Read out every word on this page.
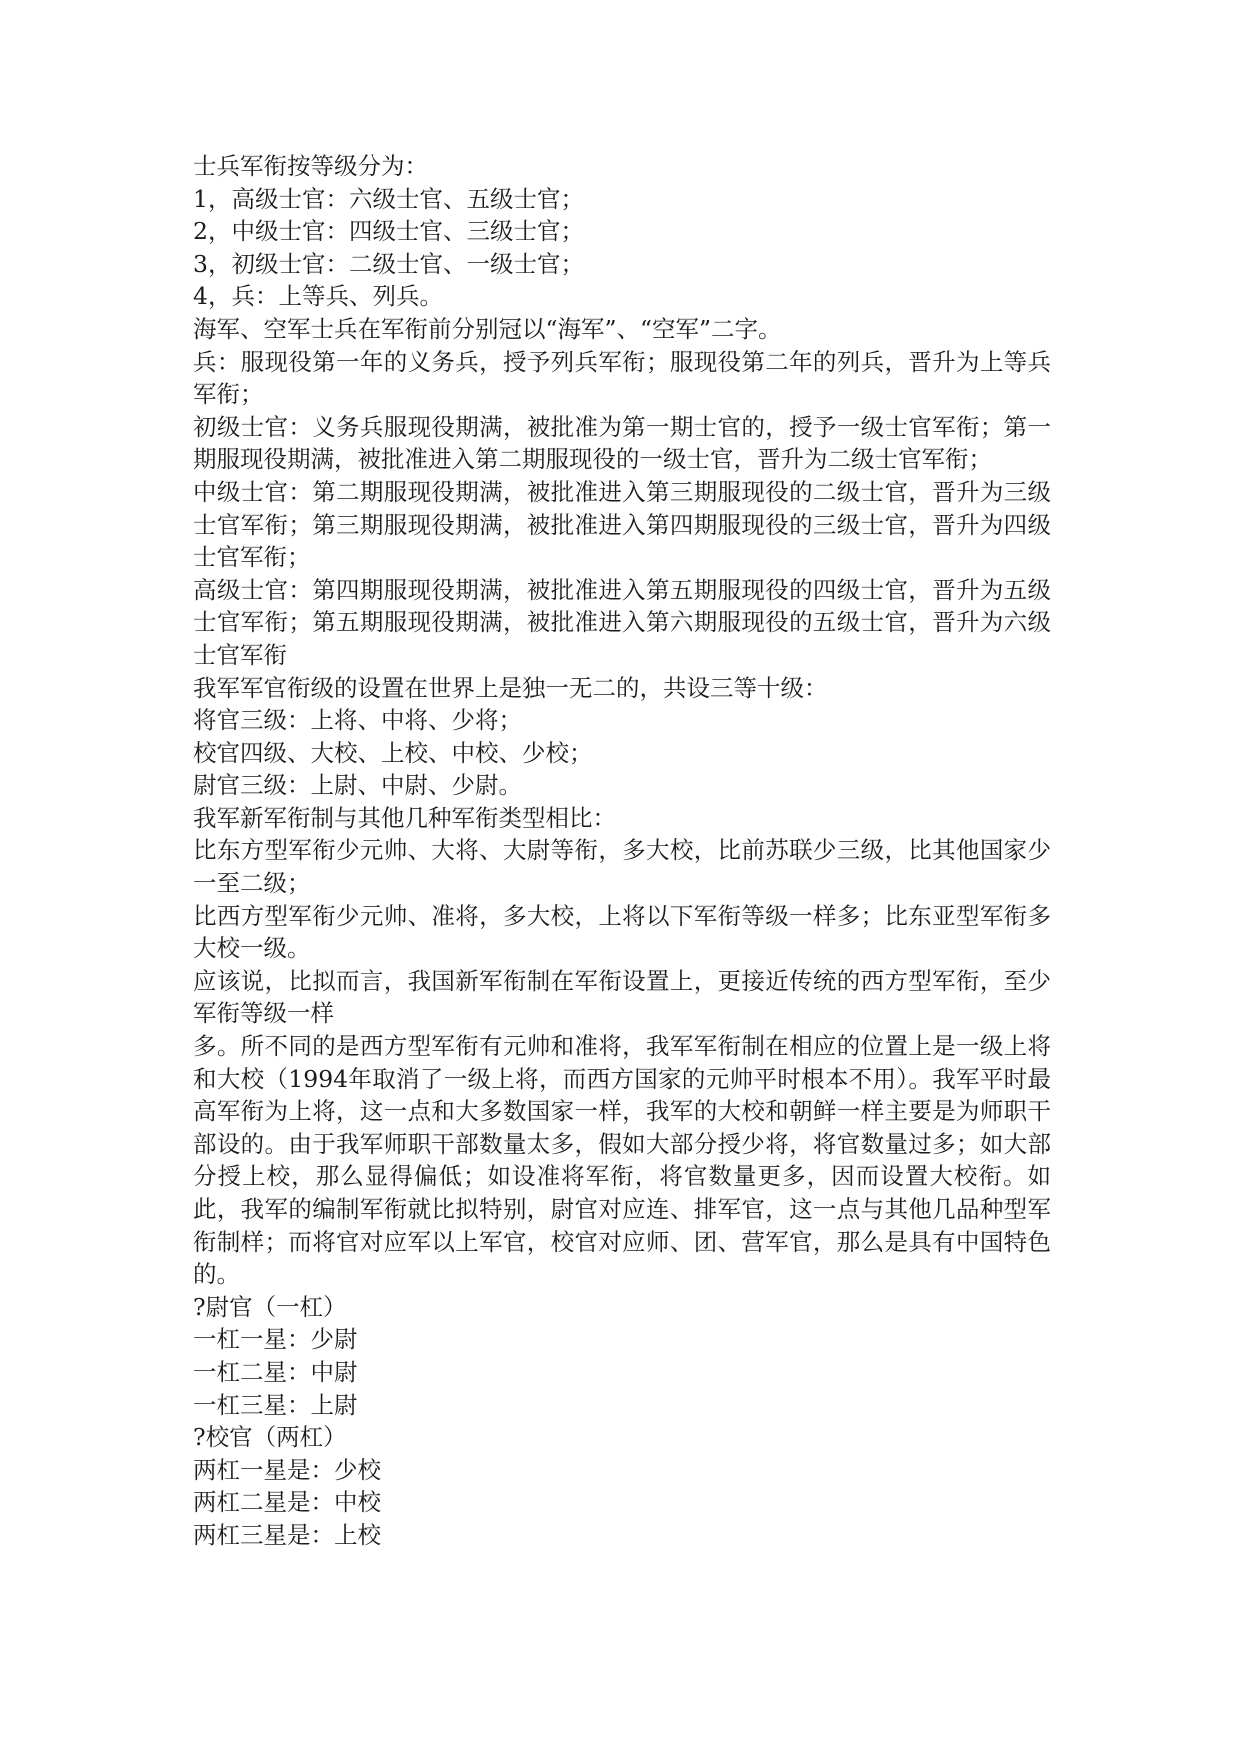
士兵军衔按等级分为：

1，高级士官：六级士官、五级士官；

2，中级士官：四级士官、三级士官；

3，初级士官：二级士官、一级士官；

4，兵：上等兵、列兵。

海军、空军士兵在军衔前分别冠以“海军”、“空军”二字。

兵：服现役第一年的义务兵，授予列兵军衔；服现役第二年的列兵，晋升为上等兵军衔；

初级士官：义务兵服现役期满，被批准为第一期士官的，授予一级士官军衔；第一期服现役期满，被批准进入第二期服现役的一级士官，晋升为二级士官军衔；

中级士官：第二期服现役期满，被批准进入第三期服现役的二级士官，晋升为三级士官军衔；第三期服现役期满，被批准进入第四期服现役的三级士官，晋升为四级士官军衔；

高级士官：第四期服现役期满，被批准进入第五期服现役的四级士官，晋升为五级士官军衔；第五期服现役期满，被批准进入第六期服现役的五级士官，晋升为六级士官军衔

我军军官衔级的设置在世界上是独一无二的，共设三等十级：

将官三级：上将、中将、少将；

校官四级、大校、上校、中校、少校；

尉官三级：上尉、中尉、少尉。

我军新军衔制与其他几种军衔类型相比：

比东方型军衔少元帅、大将、大尉等衔，多大校，比前苏联少三级，比其他国家少一至二级；

比西方型军衔少元帅、准将，多大校，上将以下军衔等级一样多；比东亚型军衔多大校一级。

应该说，比拟而言，我国新军衔制在军衔设置上，更接近传统的西方型军衔，至少军衔等级一样

多。所不同的是西方型军衔有元帅和准将，我军军衔制在相应的位置上是一级上将和大校（1994年取消了一级上将，而西方国家的元帅平时根本不用）。我军平时最高军衔为上将，这一点和大多数国家一样，我军的大校和朝鲜一样主要是为师职干部设的。由于我军师职干部数量太多，假如大部分授少将，将官数量过多；如大部分授上校，那么显得偏低；如设准将军衔，将官数量更多，因而设置大校衔。如此，我军的编制军衔就比拟特别，尉官对应连、排军官，这一点与其他几品种型军衔制样；而将官对应军以上军官，校官对应师、团、营军官，那么是具有中国特色的。

?尉官（一杠）

一杠一星：少尉

一杠二星：中尉

一杠三星：上尉

?校官（两杠）

两杠一星是：少校

两杠二星是：中校

两杠三星是：上校
